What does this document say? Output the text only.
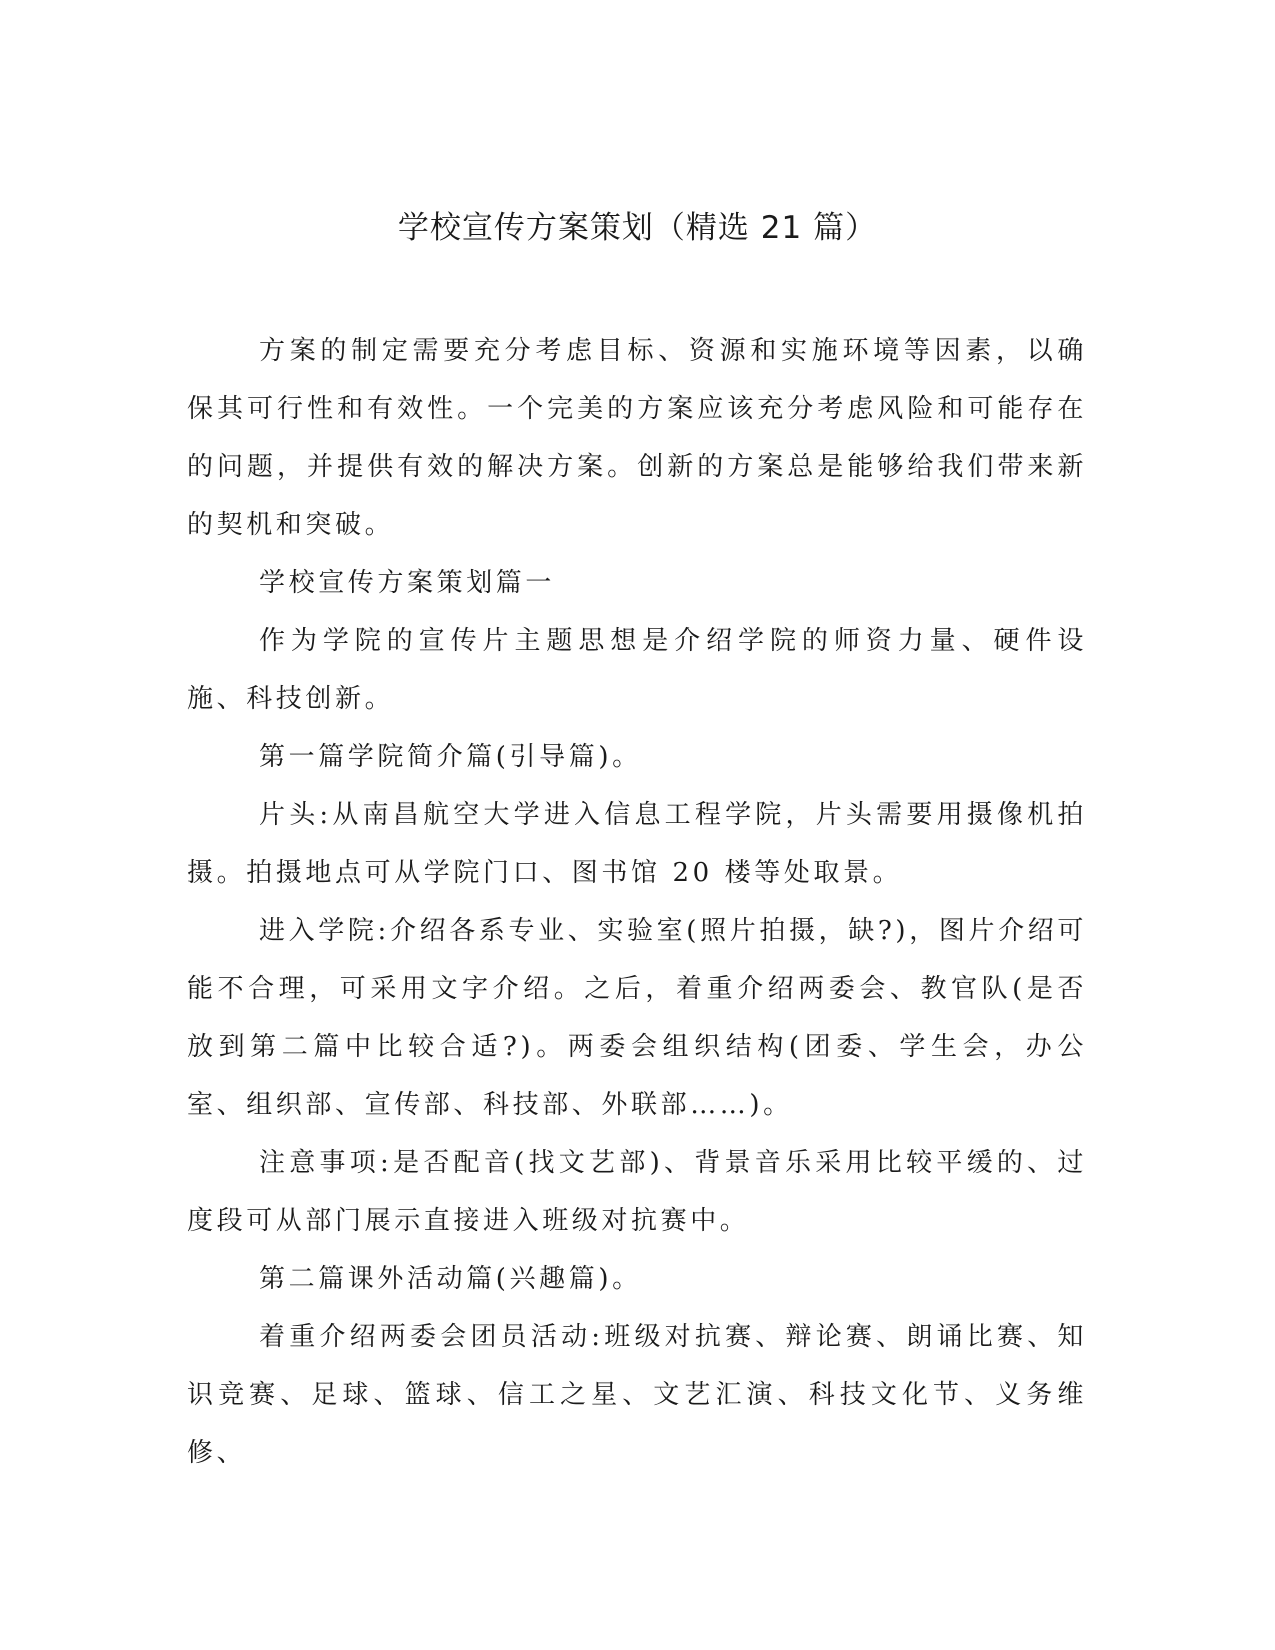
学校宣传方案策划（精选 21 篇）

方案的制定需要充分考虑目标、资源和实施环境等因素，以确保其可行性和有效性。一个完美的方案应该充分考虑风险和可能存在的问题，并提供有效的解决方案。创新的方案总是能够给我们带来新的契机和突破。

学校宣传方案策划篇一

作为学院的宣传片主题思想是介绍学院的师资力量、硬件设施、科技创新。

第一篇学院简介篇(引导篇)。

片头:从南昌航空大学进入信息工程学院，片头需要用摄像机拍摄。拍摄地点可从学院门口、图书馆 20 楼等处取景。

进入学院:介绍各系专业、实验室(照片拍摄，缺?)，图片介绍可能不合理，可采用文字介绍。之后，着重介绍两委会、教官队(是否放到第二篇中比较合适?)。两委会组织结构(团委、学生会，办公室、组织部、宣传部、科技部、外联部……)。

注意事项:是否配音(找文艺部)、背景音乐采用比较平缓的、过度段可从部门展示直接进入班级对抗赛中。

第二篇课外活动篇(兴趣篇)。

着重介绍两委会团员活动:班级对抗赛、辩论赛、朗诵比赛、知识竞赛、足球、篮球、信工之星、文艺汇演、科技文化节、义务维修、
